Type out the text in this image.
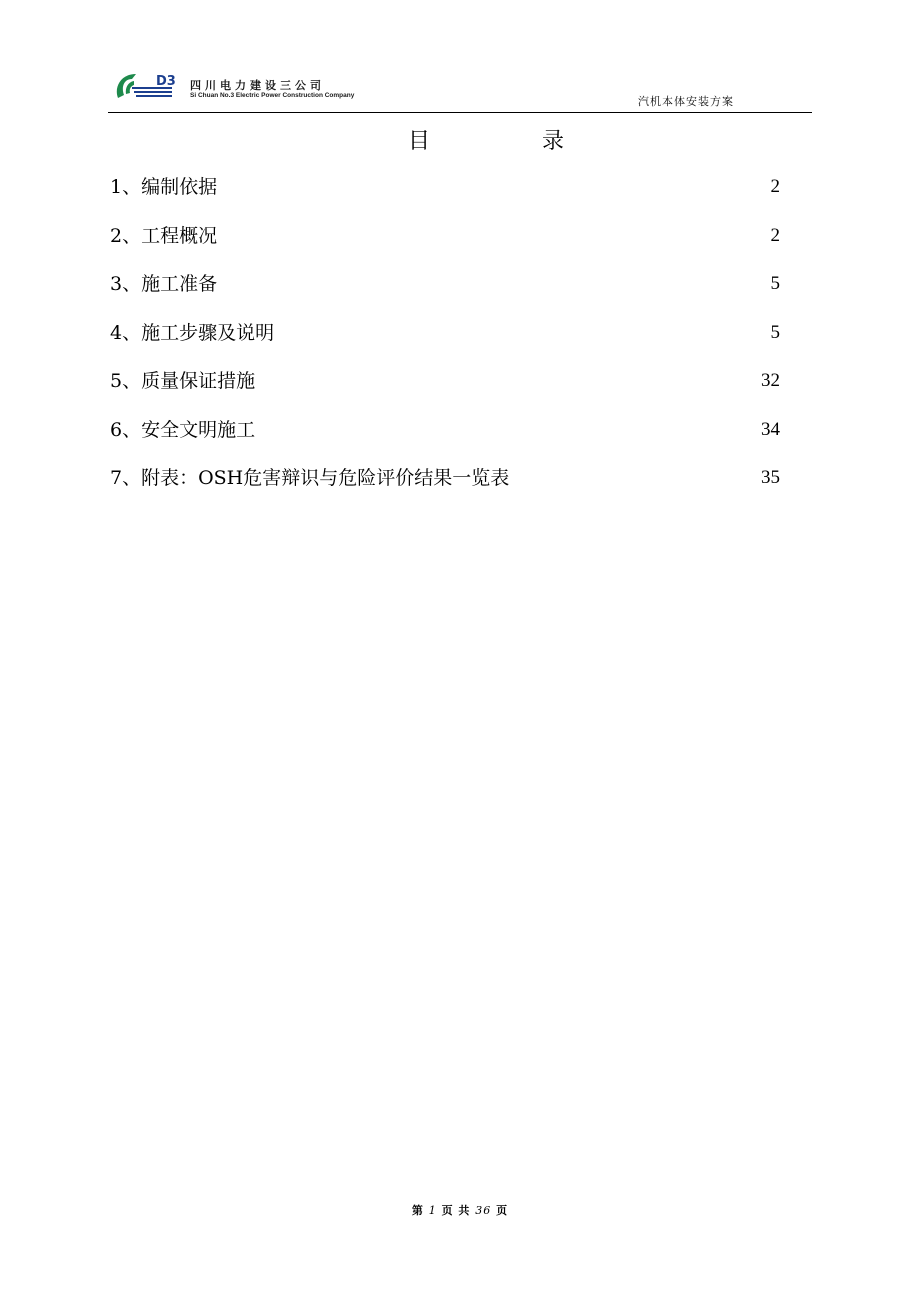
D3 四川电力建设三公司
Si Chuan No.3 Electric Power Construction Company	汽机本体安装方案
目	录
1、编制依据	2
2、工程概况	2
3、施工准备	5
4、施工步骤及说明	5
5、质量保证措施	32
6、安全文明施工	34
7、附表：OSH危害辩识与危险评价结果一览表	35
第 1 页 共 36 页
